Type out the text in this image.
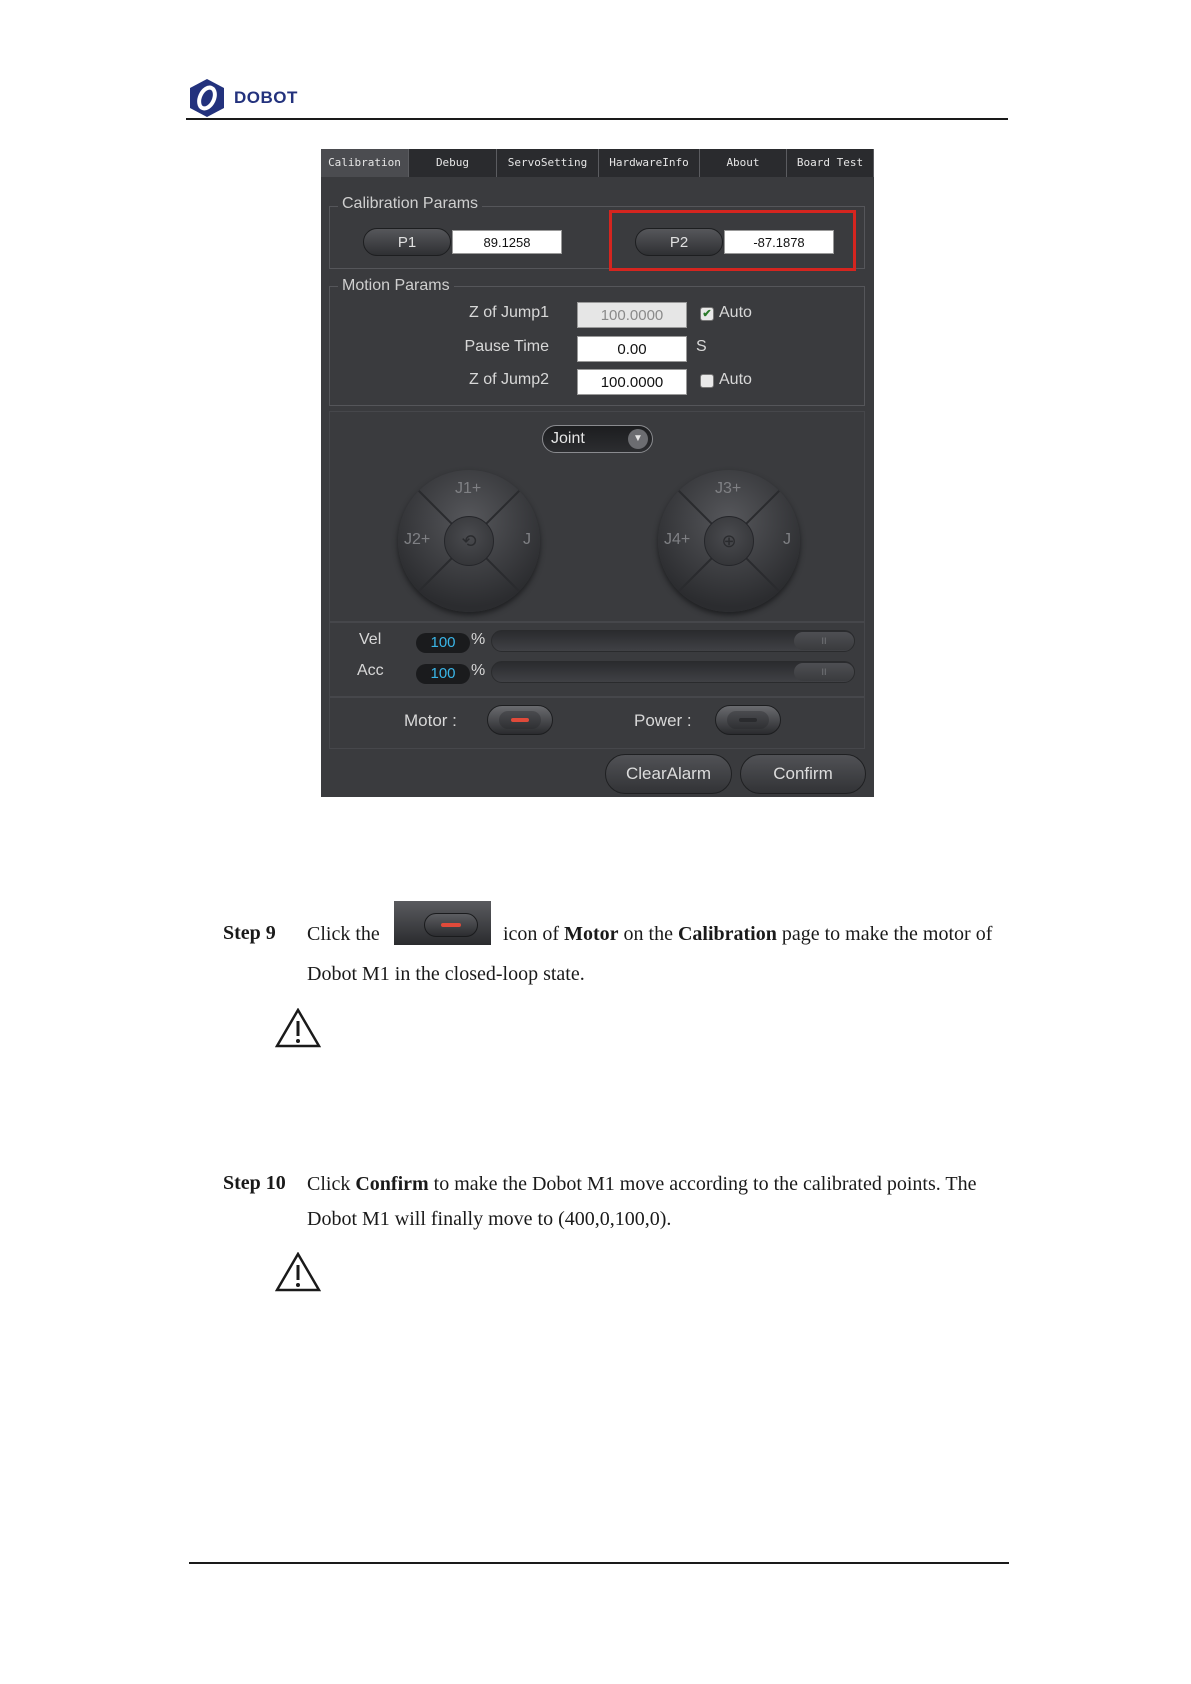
DOBOT
Calibration	Debug	ServoSetting	HardwareInfo	About	Board Test
Calibration Params
P1	89.1258	P2	-87.1878
Motion Params
Z of Jump1	100.0000	✔ Auto
Pause Time	0.00	S
Z of Jump2	100.0000	Auto
Joint	▼
J1+
J2+	J
⟲
J3+
J4+	J
⊕
Vel	100 %	II
Acc	100 %	II
Motor :	Power :
ClearAlarm	Confirm
Step 9 Click the	icon of Motor on the Calibration page to make the motor of
Dobot M1 in the closed-loop state.
Step 10 Click Confirm to make the Dobot M1 move according to the calibrated points. The
Dobot M1 will finally move to (400,0,100,0).
